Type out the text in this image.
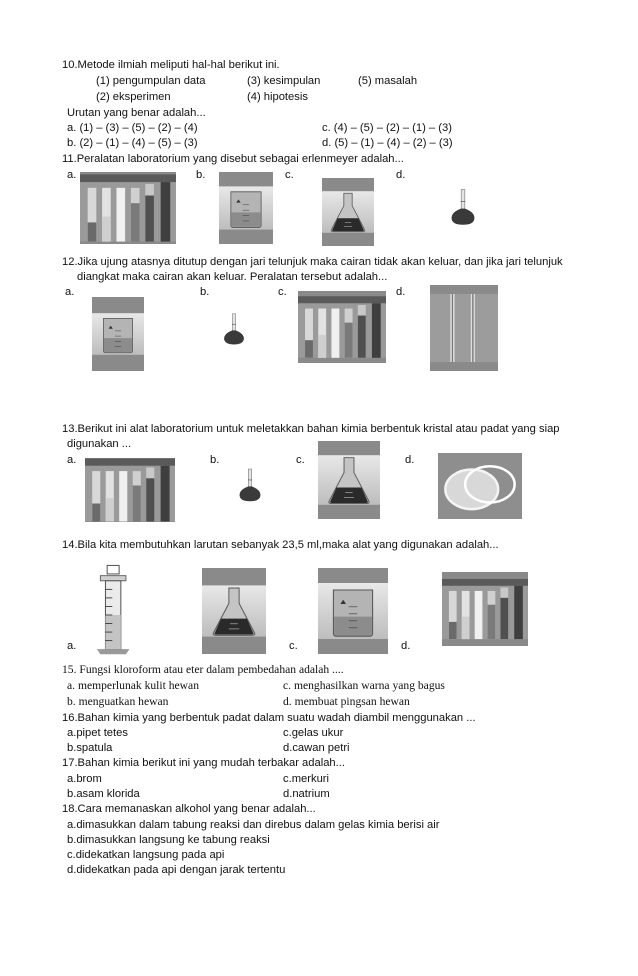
10.Metode ilmiah meliputi hal-hal berikut ini.
(1) pengumpulan data	(3) kesimpulan	(5) masalah
(2) eksperimen	(4) hipotesis
Urutan yang benar adalah...
a. (1) – (3) – (5) – (2) – (4)	c. (4) – (5) – (2) – (1) – (3)
b. (2) – (1) – (4) – (5) – (3)	d. (5) – (1) – (4) – (2) – (3)
11.Peralatan laboratorium yang disebut sebagai erlenmeyer adalah...
a.	b.	c.	d.
12.Jika ujung atasnya ditutup dengan jari telunjuk maka cairan tidak akan keluar, dan jika jari telunjuk
diangkat maka cairan akan keluar. Peralatan tersebut adalah...
a.	b.	c.	d.
13.Berikut ini alat laboratorium untuk meletakkan bahan kimia berbentuk kristal atau padat yang siap
digunakan ...
a.	b.	c.	d.
14.Bila kita membutuhkan larutan sebanyak 23,5 ml,maka alat yang digunakan adalah...
a.	c.	d.
15. Fungsi kloroform atau eter dalam pembedahan adalah ....
a. memperlunak kulit hewan	c. menghasilkan warna yang bagus
b. menguatkan hewan	d. membuat pingsan hewan
16.Bahan kimia yang berbentuk padat dalam suatu wadah diambil menggunakan ...
a.pipet tetes	c.gelas ukur
b.spatula	d.cawan petri
17.Bahan kimia berikut ini yang mudah terbakar adalah...
a.brom	c.merkuri
b.asam klorida	d.natrium
18.Cara memanaskan alkohol yang benar adalah...
a.dimasukkan dalam tabung reaksi dan direbus dalam gelas kimia berisi air
b.dimasukkan langsung ke tabung reaksi
c.didekatkan langsung pada api
d.didekatkan pada api dengan jarak tertentu
